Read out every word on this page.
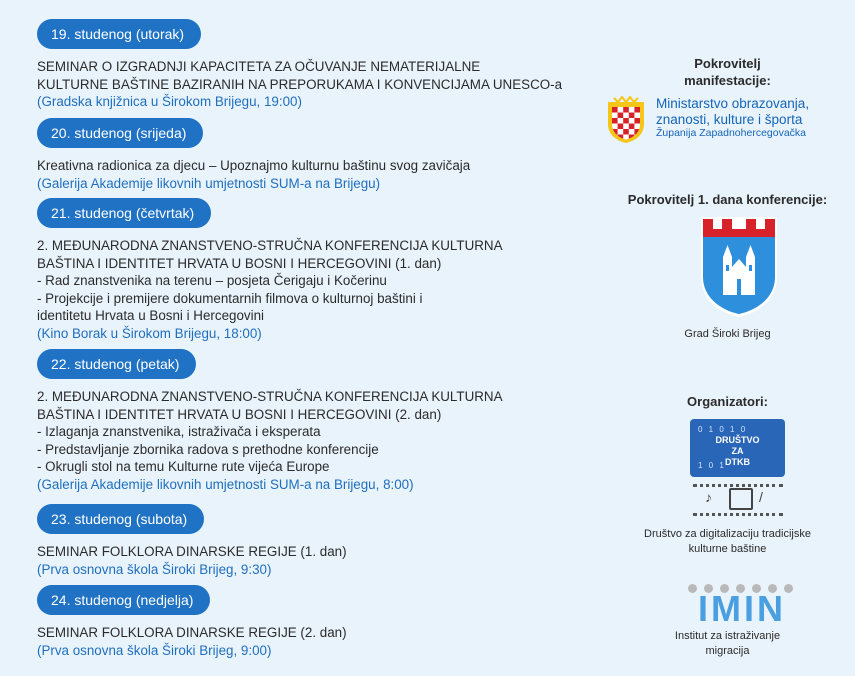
19. studenog (utorak)
SEMINAR O IZGRADNJI KAPACITETA ZA OČUVANJE NEMATERIJALNE
KULTURNE BAŠTINE BAZIRANIH NA PREPORUKAMA I KONVENCIJAMA UNESCO-a
(Gradska knjižnica u Širokom Brijegu, 19:00)
20. studenog (srijeda)
Kreativna radionica za djecu – Upoznajmo kulturnu baštinu svog zavičaja
(Galerija Akademije likovnih umjetnosti SUM-a na Brijegu)
21. studenog (četvrtak)
2. MEĐUNARODNA ZNANSTVENO-STRUČNA KONFERENCIJA KULTURNA
BAŠTINA I IDENTITET HRVATA U BOSNI I HERCEGOVINI (1. dan)
- Rad znanstvenika na terenu – posjeta Čerigaju i Kočerinu
- Projekcije i premijere dokumentarnih filmova o kulturnoj baštini i
identitetu Hrvata u Bosni i Hercegovini
(Kino Borak u Širokom Brijegu, 18:00)
22. studenog (petak)
2. MEĐUNARODNA ZNANSTVENO-STRUČNA KONFERENCIJA KULTURNA
BAŠTINA I IDENTITET HRVATA U BOSNI I HERCEGOVINI (2. dan)
- Izlaganja znanstvenika, istraživača i eksperata
- Predstavljanje zbornika radova s prethodne konferencije
- Okrugli stol na temu Kulturne rute vijeća Europe
(Galerija Akademije likovnih umjetnosti SUM-a na Brijegu, 8:00)
23. studenog (subota)
SEMINAR FOLKLORA DINARSKE REGIJE (1. dan)
(Prva osnovna škola Široki Brijeg, 9:30)
24. studenog (nedjelja)
SEMINAR FOLKLORA DINARSKE REGIJE (2. dan)
(Prva osnovna škola Široki Brijeg, 9:00)
Pokrovitelj
manifestacije:
Ministarstvo obrazovanja,
znanosti, kulture i športa
Županija Zapadnohercegovačka
Pokrovitelj 1. dana konferencije:
Grad Široki Brijeg
Organizatori:
0 1 0 1 0
1 0 1
DRUŠTVO
ZA
DTKB
♪	/
Društvo za digitalizaciju tradicijske
kulturne baštine
IMIN
Institut za istraživanje
migracija
